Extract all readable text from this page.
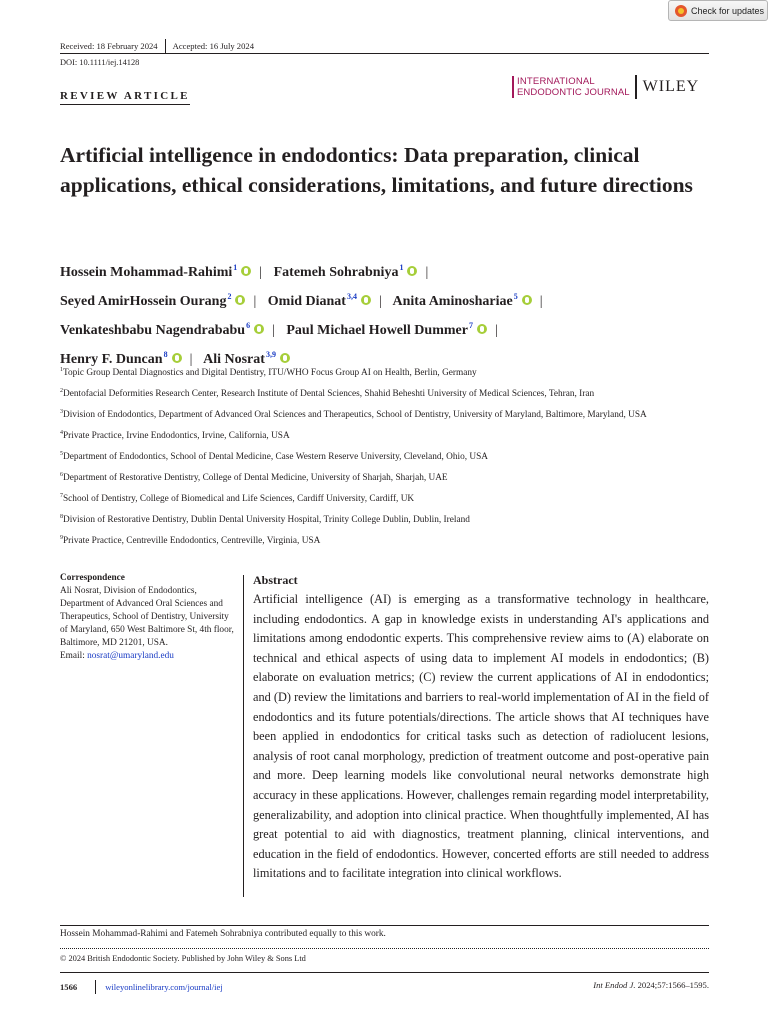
Check for updates
Received: 18 February 2024 Accepted: 16 July 2024
DOI: 10.1111/iej.14128
REVIEW ARTICLE
INTERNATIONAL
ENDODONTIC JOURNAL WILEY
Artificial intelligence in endodontics: Data preparation, clinical applications, ethical considerations, limitations, and future directions
Hossein Mohammad-Rahimi$^1$ | Fatemeh Sohrabniya$^1$ |
Seyed AmirHossein Ourang$^2$ | Omid Dianat$^{3,4}$ | Anita Aminoshariae$^5$ |
Venkateshbabu Nagendrababu$^6$ | Paul Michael Howell Dummer$^7$ |
Henry F. Duncan$^8$ | Ali Nosrat$^{3,9}$
$^1$Topic Group Dental Diagnostics and Digital Dentistry, ITU/WHO Focus Group AI on Health, Berlin, Germany
$^2$Dentofacial Deformities Research Center, Research Institute of Dental Sciences, Shahid Beheshti University of Medical Sciences, Tehran, Iran
$^3$Division of Endodontics, Department of Advanced Oral Sciences and Therapeutics, School of Dentistry, University of Maryland, Baltimore, Maryland, USA
$^4$Private Practice, Irvine Endodontics, Irvine, California, USA
$^5$Department of Endodontics, School of Dental Medicine, Case Western Reserve University, Cleveland, Ohio, USA
$^6$Department of Restorative Dentistry, College of Dental Medicine, University of Sharjah, Sharjah, UAE
$^7$School of Dentistry, College of Biomedical and Life Sciences, Cardiff University, Cardiff, UK
$^8$Division of Restorative Dentistry, Dublin Dental University Hospital, Trinity College Dublin, Dublin, Ireland
$^9$Private Practice, Centreville Endodontics, Centreville, Virginia, USA
Correspondence
Ali Nosrat, Division of Endodontics, Department of Advanced Oral Sciences and Therapeutics, School of Dentistry, University of Maryland, 650 West Baltimore St, 4th floor, Baltimore, MD 21201, USA.
Email: nosrat@umaryland.edu
Abstract

Artificial intelligence (AI) is emerging as a transformative technology in healthcare, including endodontics. A gap in knowledge exists in understanding AI's applications and limitations among endodontic experts. This comprehensive review aims to (A) elaborate on technical and ethical aspects of using data to implement AI models in endodontics; (B) elaborate on evaluation metrics; (C) review the current applications of AI in endodontics; and (D) review the limitations and barriers to real-world implementation of AI in the field of endodontics and its future potentials/directions. The article shows that AI techniques have been applied in endodontics for critical tasks such as detection of radiolucent lesions, analysis of root canal morphology, prediction of treatment outcome and post-operative pain and more. Deep learning models like convolutional neural networks demonstrate high accuracy in these applications. However, challenges remain regarding model interpretability, generalizability, and adoption into clinical practice. When thoughtfully implemented, AI has great potential to aid with diagnostics, treatment planning, clinical interventions, and education in the field of endodontics. However, concerted efforts are still needed to address limitations and to facilitate integration into clinical workflows.

Hossein Mohammad-Rahimi and Fatemeh Sohrabniya contributed equally to this work.
© 2024 British Endodontic Society. Published by John Wiley & Sons Ltd
1566	wileyonlinelibrary.com/journal/iej	Int Endod J. 2024;57:1566–1595.
